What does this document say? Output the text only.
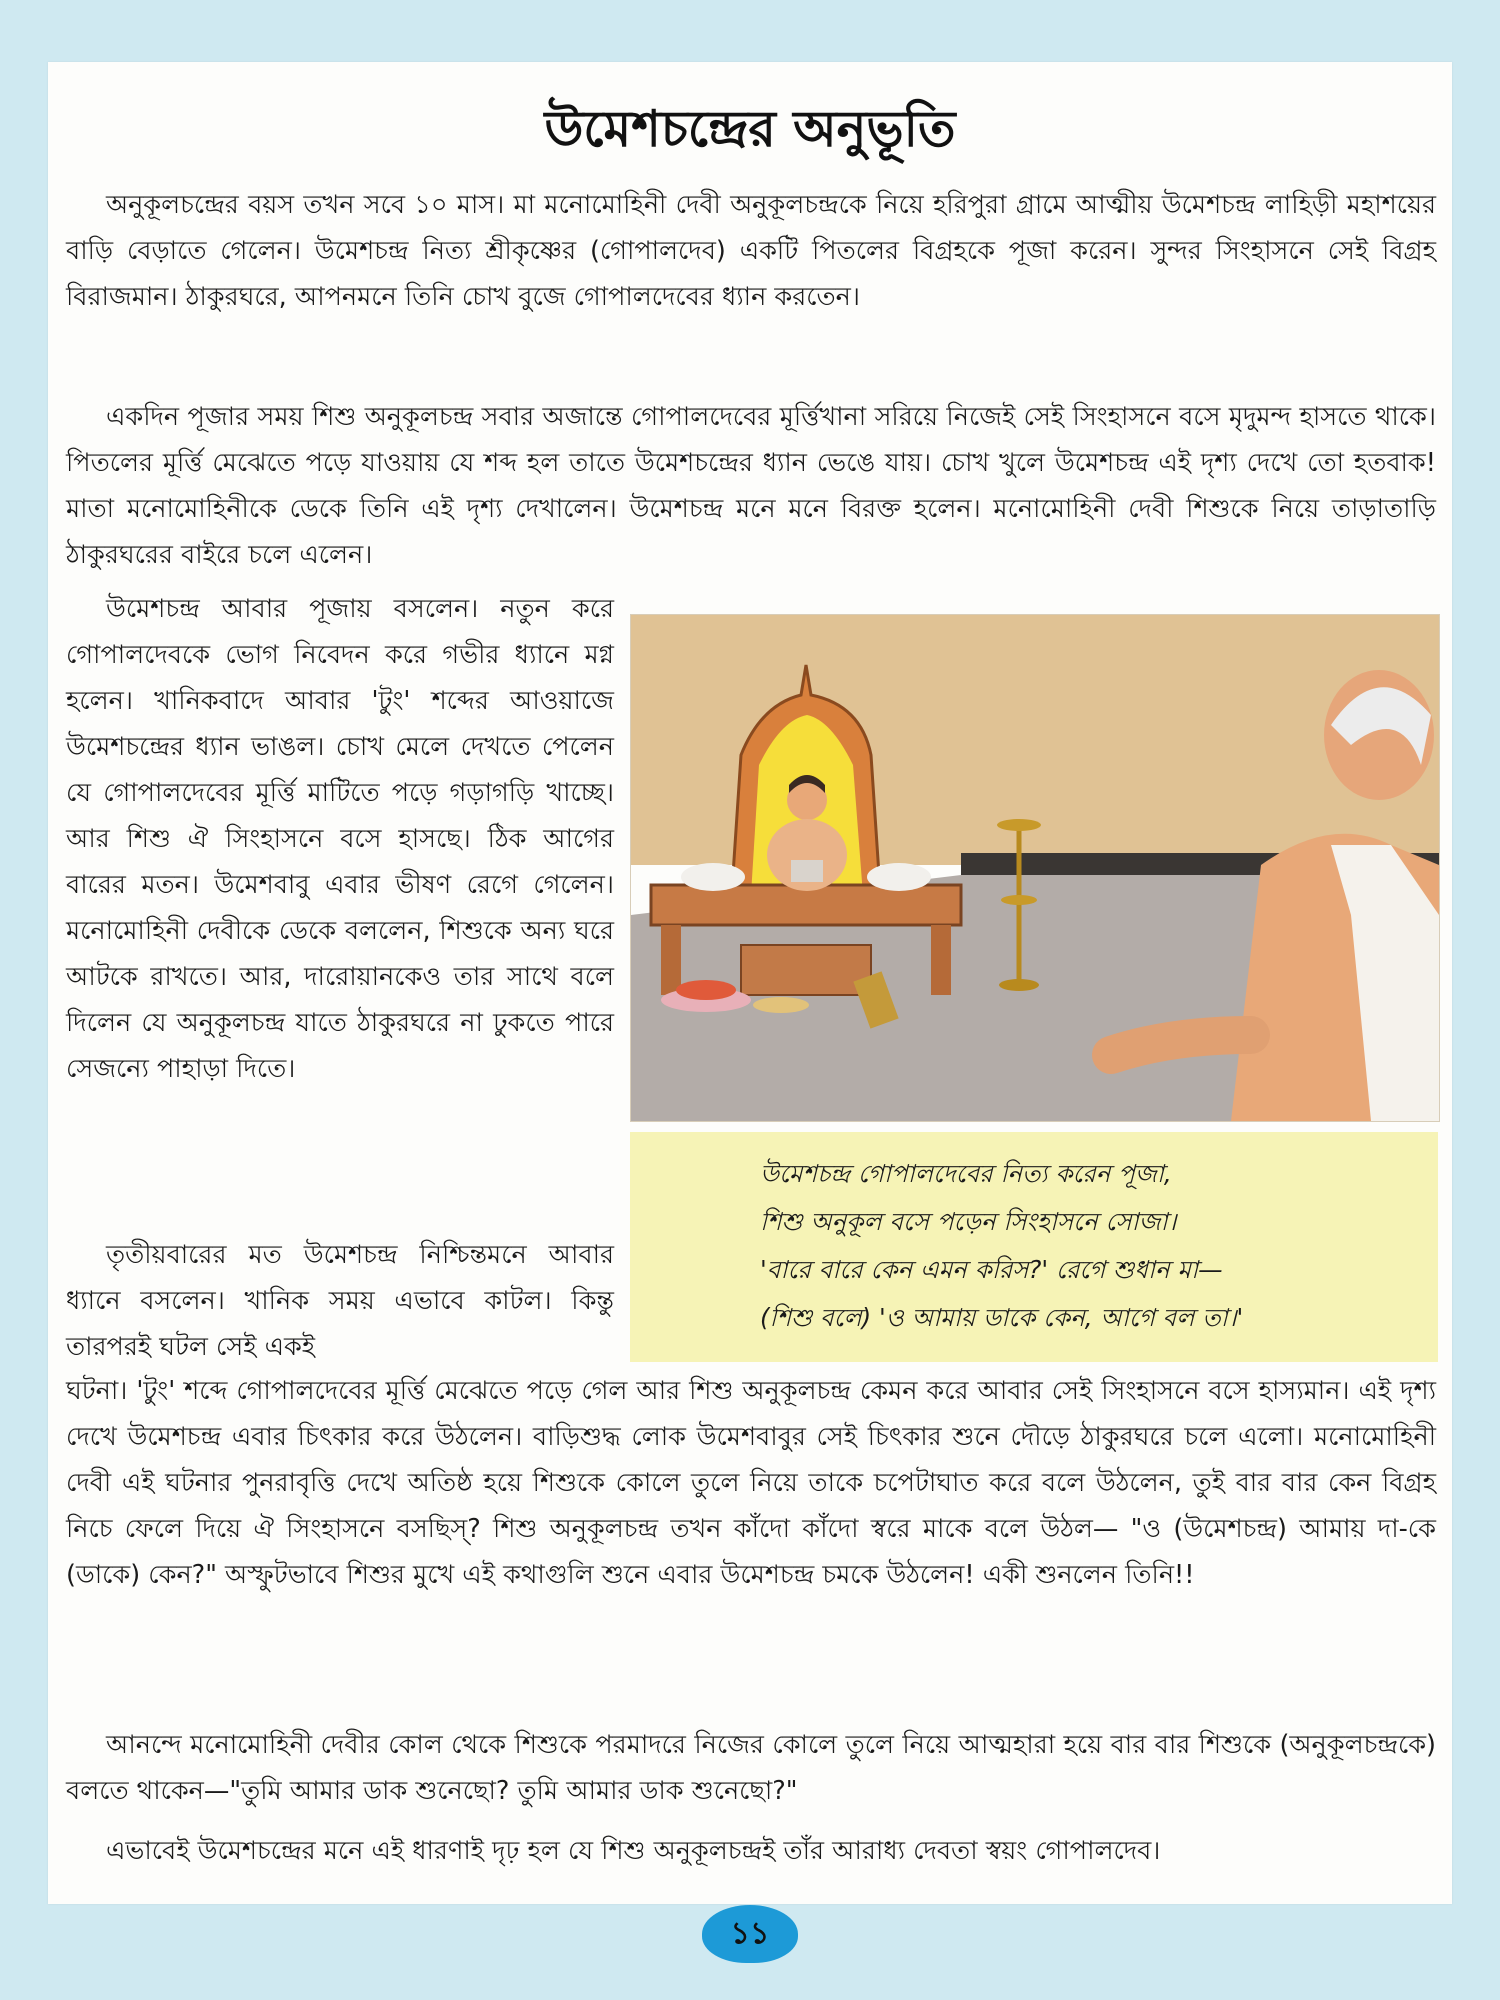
উমেশচন্দ্রের অনুভূতি

অনুকূলচন্দ্রের বয়স তখন সবে ১০ মাস। মা মনোমোহিনী দেবী অনুকূলচন্দ্রকে নিয়ে হরিপুরা গ্রামে আত্মীয় উমেশচন্দ্র লাহিড়ী মহাশয়ের বাড়ি বেড়াতে গেলেন। উমেশচন্দ্র নিত্য শ্রীকৃষ্ণের (গোপালদেব) একটি পিতলের বিগ্রহকে পূজা করেন। সুন্দর সিংহাসনে সেই বিগ্রহ বিরাজমান। ঠাকুরঘরে, আপনমনে তিনি চোখ বুজে গোপালদেবের ধ্যান করতেন।

একদিন পূজার সময় শিশু অনুকূলচন্দ্র সবার অজান্তে গোপালদেবের মূর্ত্তিখানা সরিয়ে নিজেই সেই সিংহাসনে বসে মৃদুমন্দ হাসতে থাকে। পিতলের মূর্ত্তি মেঝেতে পড়ে যাওয়ায় যে শব্দ হল তাতে উমেশচন্দ্রের ধ্যান ভেঙে যায়। চোখ খুলে উমেশচন্দ্র এই দৃশ্য দেখে তো হতবাক! মাতা মনোমোহিনীকে ডেকে তিনি এই দৃশ্য দেখালেন। উমেশচন্দ্র মনে মনে বিরক্ত হলেন। মনোমোহিনী দেবী শিশুকে নিয়ে তাড়াতাড়ি ঠাকুরঘরের বাইরে চলে এলেন।

উমেশচন্দ্র আবার পূজায় বসলেন। নতুন করে গোপালদেবকে ভোগ নিবেদন করে গভীর ধ্যানে মগ্ন হলেন। খানিকবাদে আবার 'টুং' শব্দের আওয়াজে উমেশচন্দ্রের ধ্যান ভাঙল। চোখ মেলে দেখতে পেলেন যে গোপালদেবের মূর্ত্তি মাটিতে পড়ে গড়াগড়ি খাচ্ছে। আর শিশু ঐ সিংহাসনে বসে হাসছে। ঠিক আগের বারের মতন। উমেশবাবু এবার ভীষণ রেগে গেলেন। মনোমোহিনী দেবীকে ডেকে বললেন, শিশুকে অন্য ঘরে আটকে রাখতে। আর, দারোয়ানকেও তার সাথে বলে দিলেন যে অনুকূলচন্দ্র যাতে ঠাকুরঘরে না ঢুকতে পারে সেজন্যে পাহাড়া দিতে।

তৃতীয়বারের মত উমেশচন্দ্র নিশ্চিন্তমনে আবার ধ্যানে বসলেন। খানিক সময় এভাবে কাটল। কিন্তু তারপরই ঘটল সেই একই

উমেশচন্দ্র গোপালদেবের নিত্য করেন পূজা,
শিশু অনুকূল বসে পড়েন সিংহাসনে সোজা।
'বারে বারে কেন এমন করিস?' রেগে শুধান মা—
(শিশু বলে) 'ও আমায় ডাকে কেন, আগে বল তা।'

ঘটনা। 'টুং' শব্দে গোপালদেবের মূর্ত্তি মেঝেতে পড়ে গেল আর শিশু অনুকূলচন্দ্র কেমন করে আবার সেই সিংহাসনে বসে হাস্যমান। এই দৃশ্য দেখে উমেশচন্দ্র এবার চিৎকার করে উঠলেন। বাড়িশুদ্ধ লোক উমেশবাবুর সেই চিৎকার শুনে দৌড়ে ঠাকুরঘরে চলে এলো। মনোমোহিনী দেবী এই ঘটনার পুনরাবৃত্তি দেখে অতিষ্ঠ হয়ে শিশুকে কোলে তুলে নিয়ে তাকে চপেটাঘাত করে বলে উঠলেন, তুই বার বার কেন বিগ্রহ নিচে ফেলে দিয়ে ঐ সিংহাসনে বসছিস্? শিশু অনুকূলচন্দ্র তখন কাঁদো কাঁদো স্বরে মাকে বলে উঠল— "ও (উমেশচন্দ্র) আমায় দা-কে (ডাকে) কেন?" অস্ফুটভাবে শিশুর মুখে এই কথাগুলি শুনে এবার উমেশচন্দ্র চমকে উঠলেন! একী শুনলেন তিনি!!

আনন্দে মনোমোহিনী দেবীর কোল থেকে শিশুকে পরমাদরে নিজের কোলে তুলে নিয়ে আত্মহারা হয়ে বার বার শিশুকে (অনুকূলচন্দ্রকে) বলতে থাকেন—"তুমি আমার ডাক শুনেছো? তুমি আমার ডাক শুনেছো?"

এভাবেই উমেশচন্দ্রের মনে এই ধারণাই দৃঢ় হল যে শিশু অনুকূলচন্দ্রই তাঁর আরাধ্য দেবতা স্বয়ং গোপালদেব।

১১
